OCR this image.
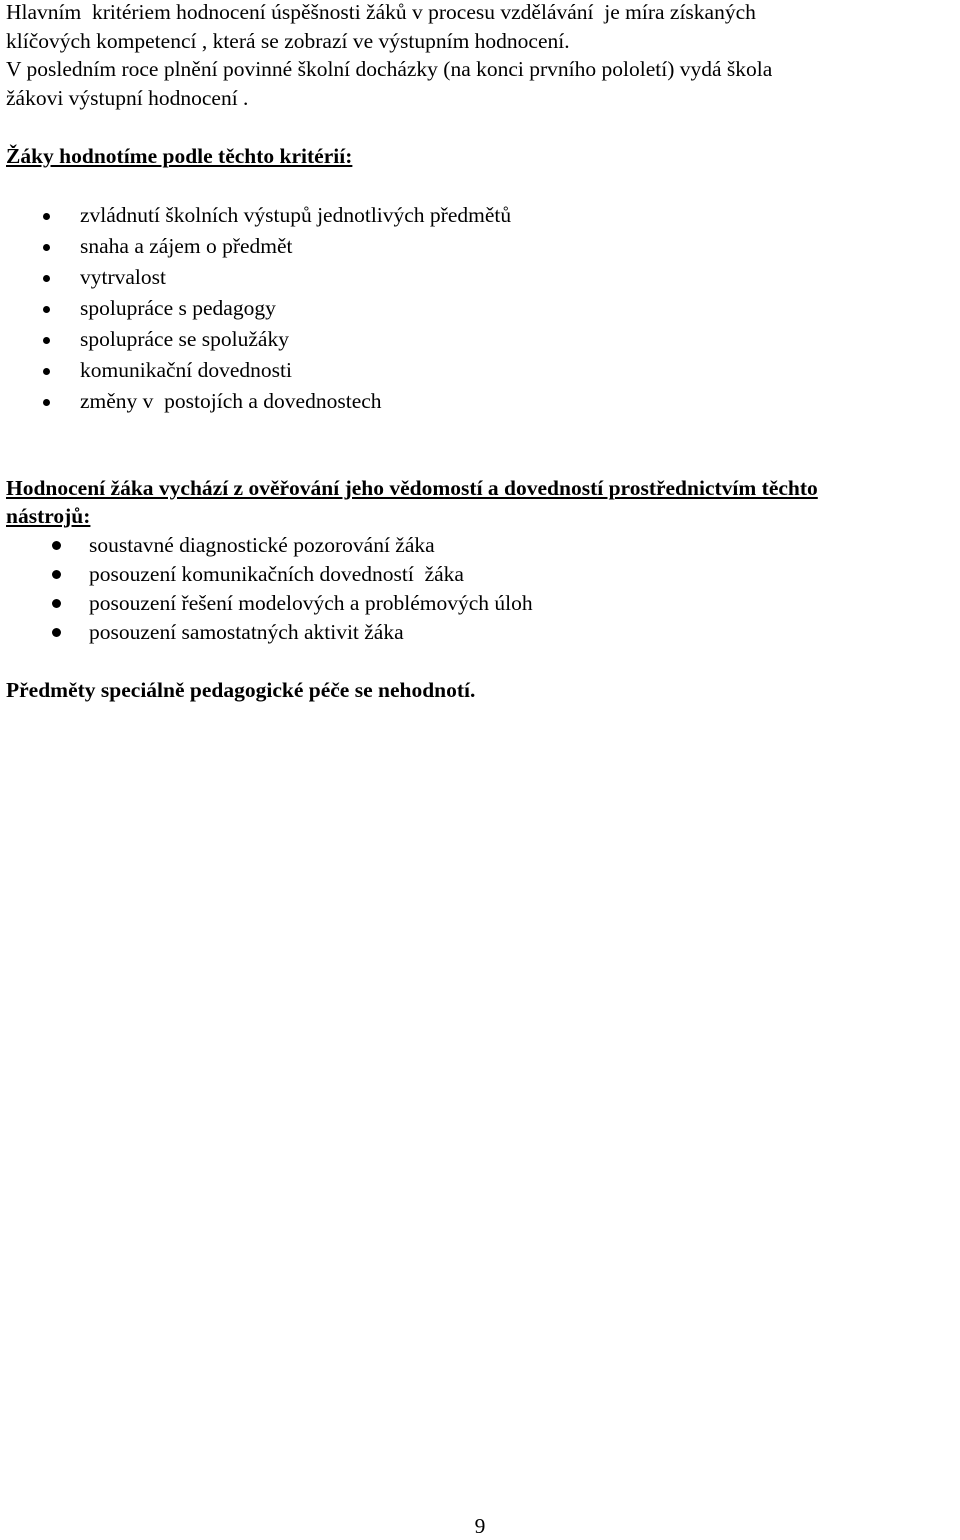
Hlavním  kritériem hodnocení úspěšnosti žáků v procesu vzdělávání  je míra získaných
klíčových kompetencí , která se zobrazí ve výstupním hodnocení.
V posledním roce plnění povinné školní docházky (na konci prvního pololetí) vydá škola
žákovi výstupní hodnocení .
Žáky hodnotíme podle těchto kritérií:
zvládnutí školních výstupů jednotlivých předmětů
snaha a zájem o předmět
vytrvalost
spolupráce s pedagogy
spolupráce se spolužáky
komunikační dovednosti
změny v  postojích a dovednostech
Hodnocení žáka vychází z ověřování jeho vědomostí a dovedností prostřednictvím těchto
nástrojů:
soustavné diagnostické pozorování žáka
posouzení komunikačních dovedností  žáka
posouzení řešení modelových a problémových úloh
posouzení samostatných aktivit žáka
Předměty speciálně pedagogické péče se nehodnotí.
9
